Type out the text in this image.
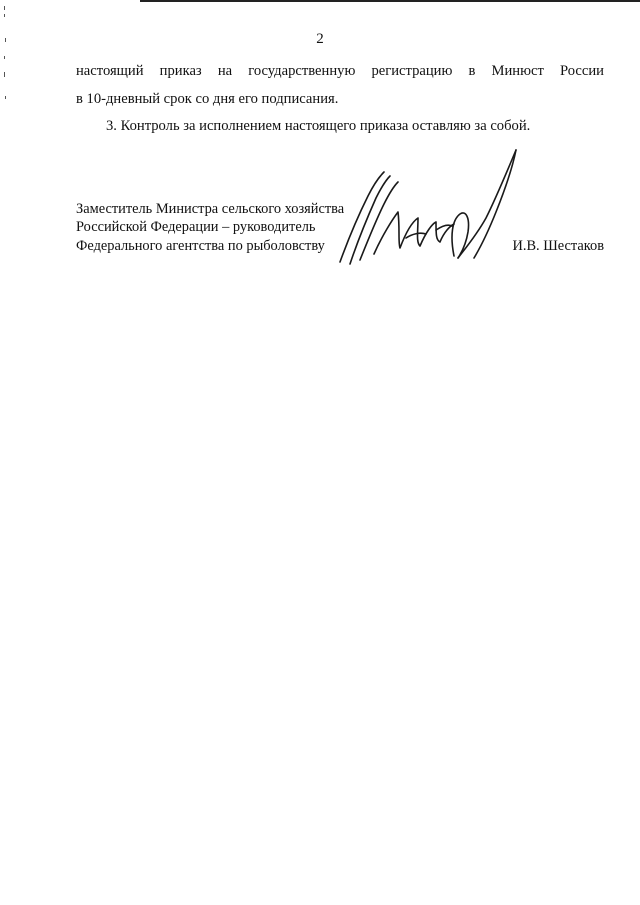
2
настоящий приказ на государственную регистрацию в Минюст России
в 10-дневный срок со дня его подписания.
3. Контроль за исполнением настоящего приказа оставляю за собой.
Заместитель Министра сельского хозяйства
Российской Федерации – руководитель
Федерального агентства по рыболовству	И.В. Шестаков
